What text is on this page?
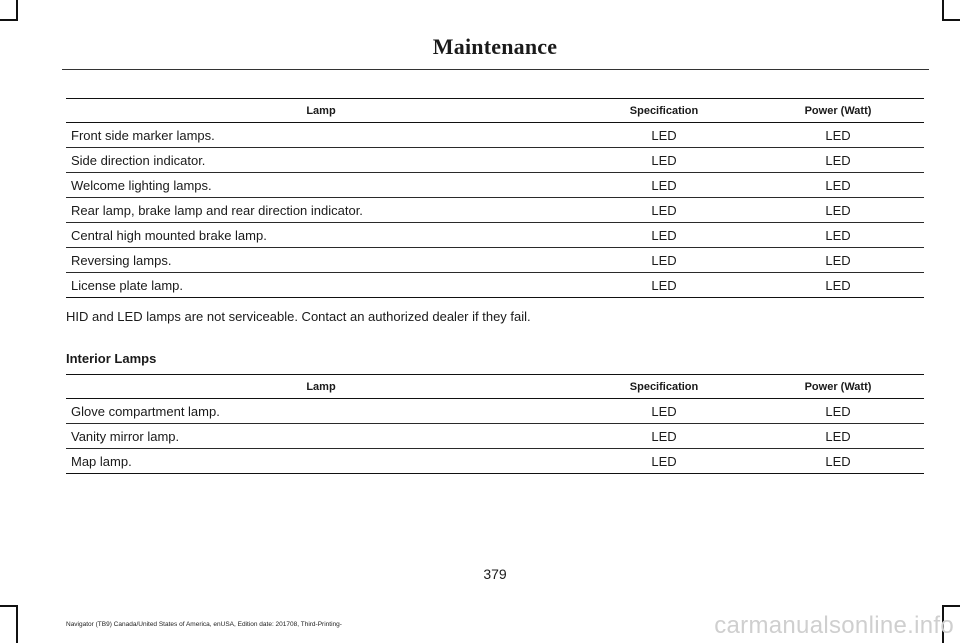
Maintenance
Lamp	Specification	Power (Watt)
Front side marker lamps.	LED	LED
Side direction indicator.	LED	LED
Welcome lighting lamps.	LED	LED
Rear lamp, brake lamp and rear direction indicator.	LED	LED
Central high mounted brake lamp.	LED	LED
Reversing lamps.	LED	LED
License plate lamp.	LED	LED
HID and LED lamps are not serviceable. Contact an authorized dealer if they fail.
Interior Lamps
Lamp	Specification	Power (Watt)
Glove compartment lamp.	LED	LED
Vanity mirror lamp.	LED	LED
Map lamp.	LED	LED
379
Navigator (TB9) Canada/United States of America, enUSA, Edition date: 201708, Third-Printing-	carmanualsonline.info
